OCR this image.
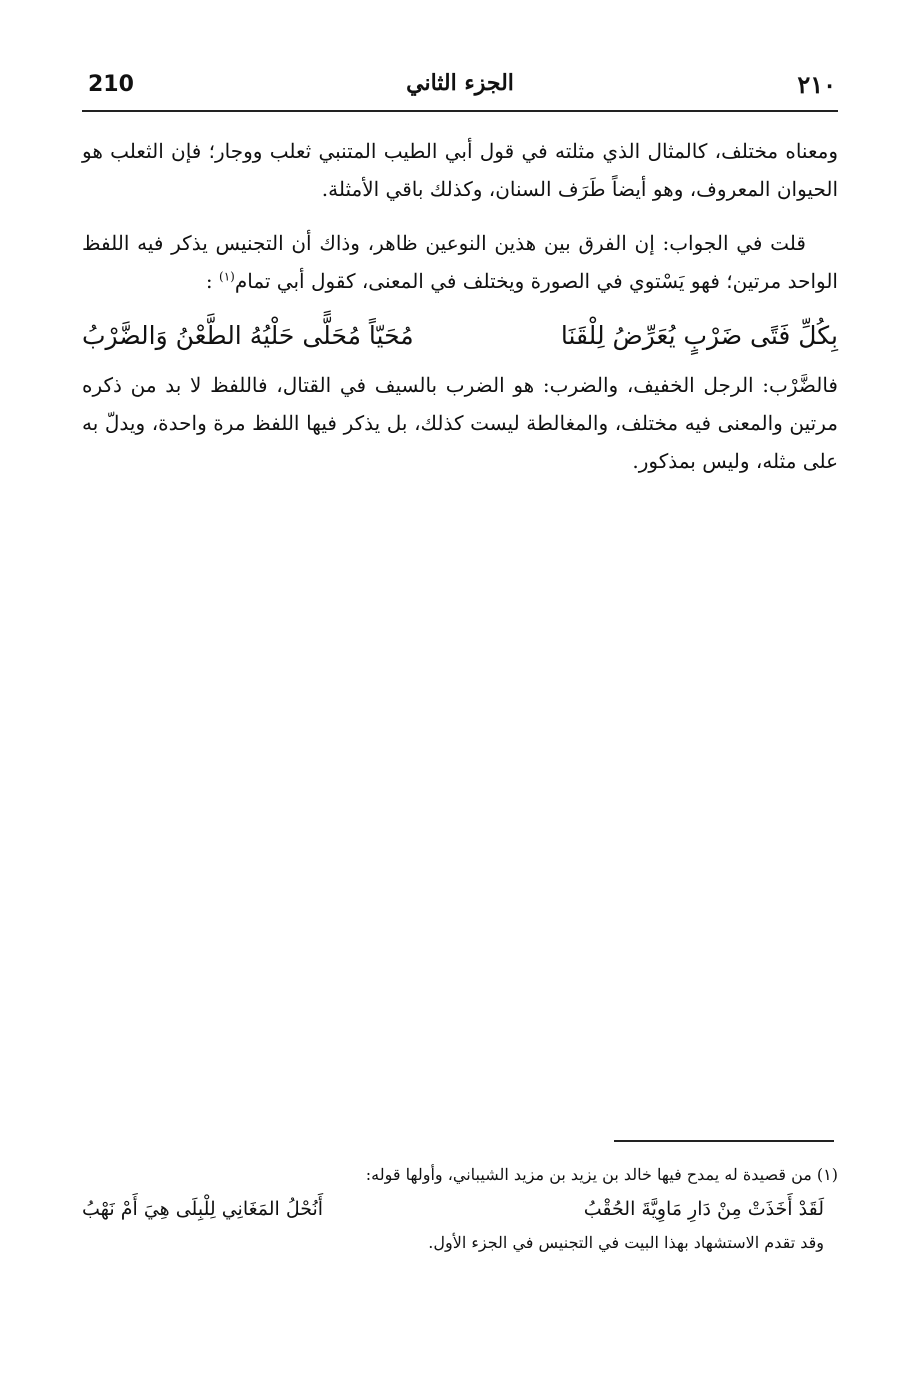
210	الجزء الثاني	٢١٠

ومعناه مختلف، كالمثال الذي مثلته في قول أبي الطيب المتنبي ثعلب ووجار؛ فإن الثعلب هو الحيوان المعروف، وهو أيضاً طَرَف السنان، وكذلك باقي الأمثلة.

قلت في الجواب: إن الفرق بين هذين النوعين ظاهر، وذاك أن التجنيس يذكر فيه اللفظ الواحد مرتين؛ فهو يَسْتوي في الصورة ويختلف في المعنى، كقول أبي تمام$^{(١)}$ :

بِكُلِّ فَتًى ضَرْبٍ يُعَرِّضُ لِلْقَنَا
مُحَيّاً مُحَلًّى حَلْيُهُ الطَّعْنُ وَالضَّرْبُ

فالضَّرْب: الرجل الخفيف، والضرب: هو الضرب بالسيف في القتال، فاللفظ لا بد من ذكره مرتين والمعنى فيه مختلف، والمغالطة ليست كذلك، بل يذكر فيها اللفظ مرة واحدة، ويدلّ به على مثله، وليس بمذكور.

(١) من قصيدة له يمدح فيها خالد بن يزيد بن مزيد الشيباني، وأولها قوله:

لَقَدْ أَخَذَتْ مِنْ دَارِ مَاوِيَّةَ الحُقْبُ
أَنُحْلُ المَغَانِي لِلْبِلَى هِيَ أَمْ نَهْبُ

وقد تقدم الاستشهاد بهذا البيت في التجنيس في الجزء الأول.
